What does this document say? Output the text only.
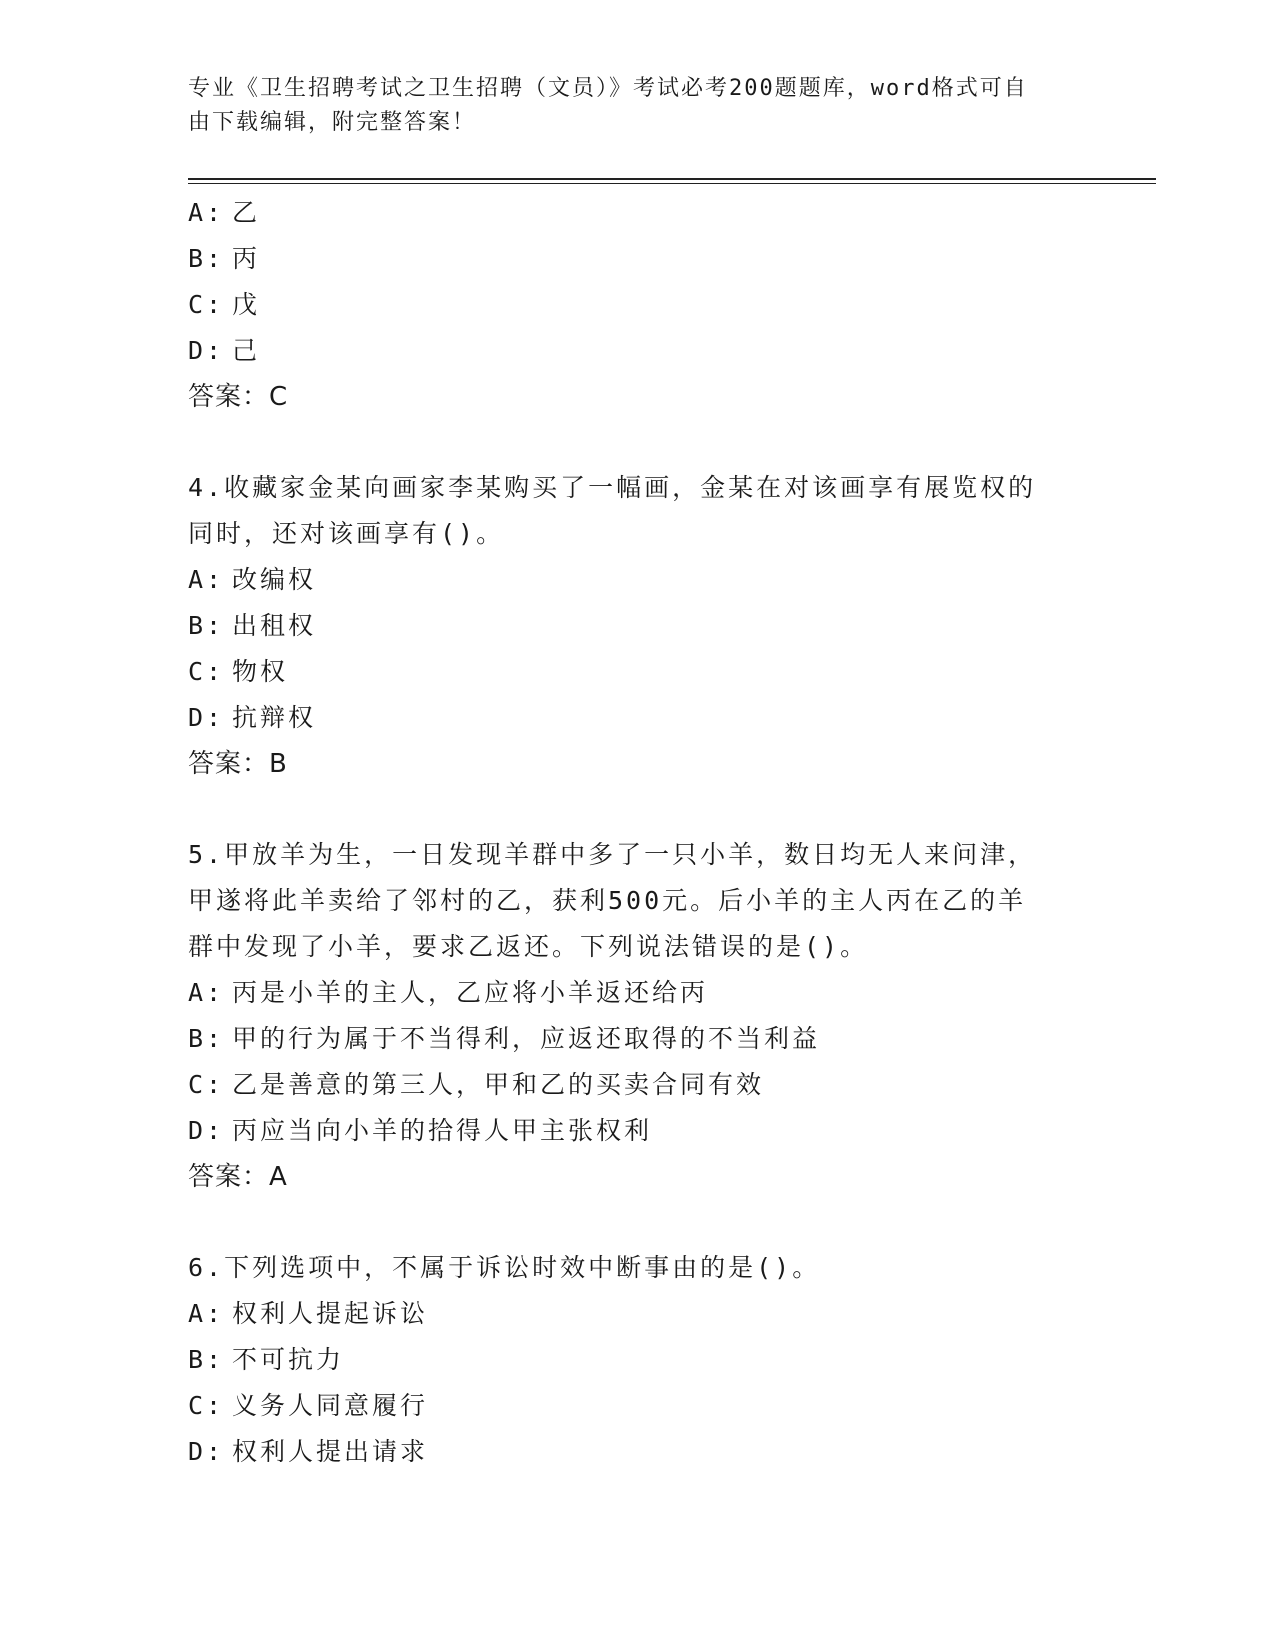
专业《卫生招聘考试之卫生招聘（文员）》考试必考200题题库，word格式可自
由下载编辑，附完整答案！
A: 乙
B: 丙
C: 戊
D: 己
答案：C
4.收藏家金某向画家李某购买了一幅画，金某在对该画享有展览权的
同时，还对该画享有()。
A: 改编权
B: 出租权
C: 物权
D: 抗辩权
答案：B
5.甲放羊为生，一日发现羊群中多了一只小羊，数日均无人来问津，
甲遂将此羊卖给了邻村的乙，获利500元。后小羊的主人丙在乙的羊
群中发现了小羊，要求乙返还。下列说法错误的是()。
A: 丙是小羊的主人，乙应将小羊返还给丙
B: 甲的行为属于不当得利，应返还取得的不当利益
C: 乙是善意的第三人，甲和乙的买卖合同有效
D: 丙应当向小羊的拾得人甲主张权利
答案：A
6.下列选项中，不属于诉讼时效中断事由的是()。
A: 权利人提起诉讼
B: 不可抗力
C: 义务人同意履行
D: 权利人提出请求
